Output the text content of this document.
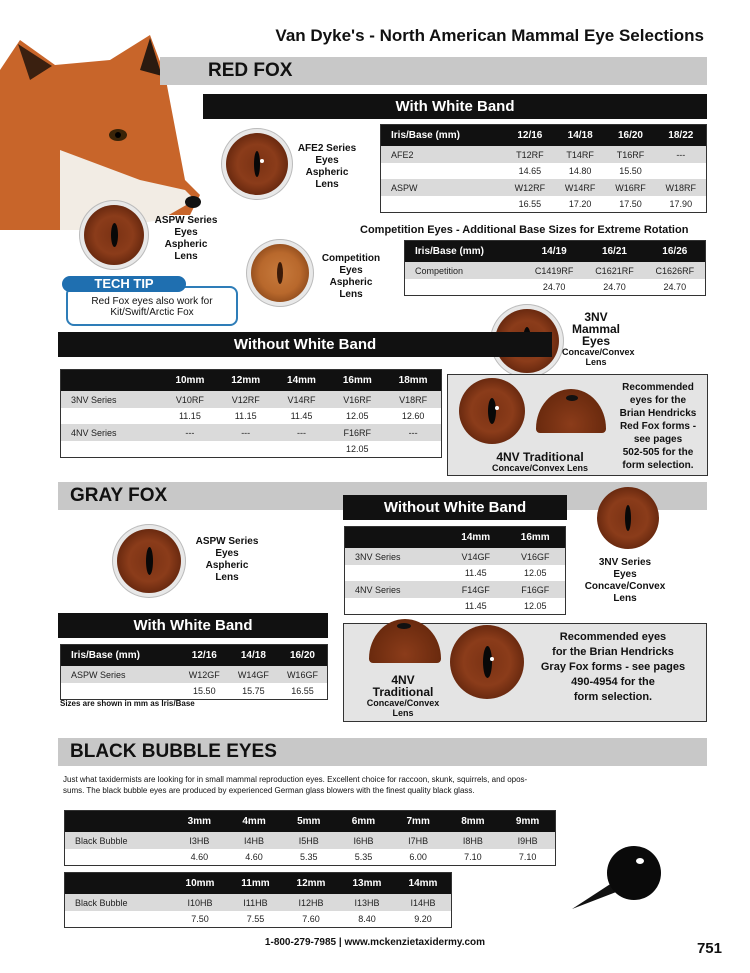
Van Dyke's - North American Mammal Eye Selections
RED FOX
With White Band
AFE2 Series
Eyes
Aspheric
Lens
Iris/Base (mm)	12/16	14/18	16/20	18/22
AFE2	T12RF	T14RF	T16RF	---
	14.65	14.80	15.50	
ASPW	W12RF	W14RF	W16RF	W18RF
	16.55	17.20	17.50	17.90
ASPW Series
Eyes
Aspheric
Lens	Competition
Eyes
Aspheric
Lens
Competition Eyes - Additional Base Sizes for Extreme Rotation
Iris/Base (mm)	14/19	16/21	16/26
Competition	C1419RF	C1621RF	C1626RF
	24.70	24.70	24.70
Red Fox eyes also work for
Kit/Swift/Arctic Fox
TECH TIP
3NV Mammal
Eyes
Concave/Convex
Lens
Without White Band
	10mm	12mm	14mm	16mm	18mm
3NV Series	V10RF	V12RF	V14RF	V16RF	V18RF
	11.15	11.15	11.45	12.05	12.60
4NV Series	---	---	---	F16RF	---
				12.05	
4NV Traditional
Concave/Convex Lens
Recommended
eyes for the
Brian Hendricks
Red Fox forms -
see pages
502-505 for the
form selection.
GRAY FOX
Without White Band
	14mm	16mm
3NV Series	V14GF	V16GF
	11.45	12.05
4NV Series	F14GF	F16GF
	11.45	12.05
ASPW Series
Eyes
Aspheric
Lens
3NV Series
Eyes
Concave/Convex
Lens
With White Band
Iris/Base (mm)	12/16	14/18	16/20
ASPW Series	W12GF	W14GF	W16GF
	15.50	15.75	16.55
Sizes are shown in mm as Iris/Base
4NV
Traditional
Concave/Convex
Lens
Recommended eyes
for the Brian Hendricks
Gray Fox forms - see pages
490-4954 for the
form selection.
BLACK BUBBLE EYES
Just what taxidermists are looking for in small mammal reproduction eyes. Excellent choice for raccoon, skunk, squirrels, and opos-
sums. The black bubble eyes are produced by experienced German glass blowers with the finest quality black glass.
	3mm	4mm	5mm	6mm	7mm	8mm	9mm
Black Bubble	I3HB	I4HB	I5HB	I6HB	I7HB	I8HB	I9HB
	4.60	4.60	5.35	5.35	6.00	7.10	7.10
	10mm	11mm	12mm	13mm	14mm
Black Bubble	I10HB	I11HB	I12HB	I13HB	I14HB
	7.50	7.55	7.60	8.40	9.20
1-800-279-7985 | www.mckenzietaxidermy.com	751
